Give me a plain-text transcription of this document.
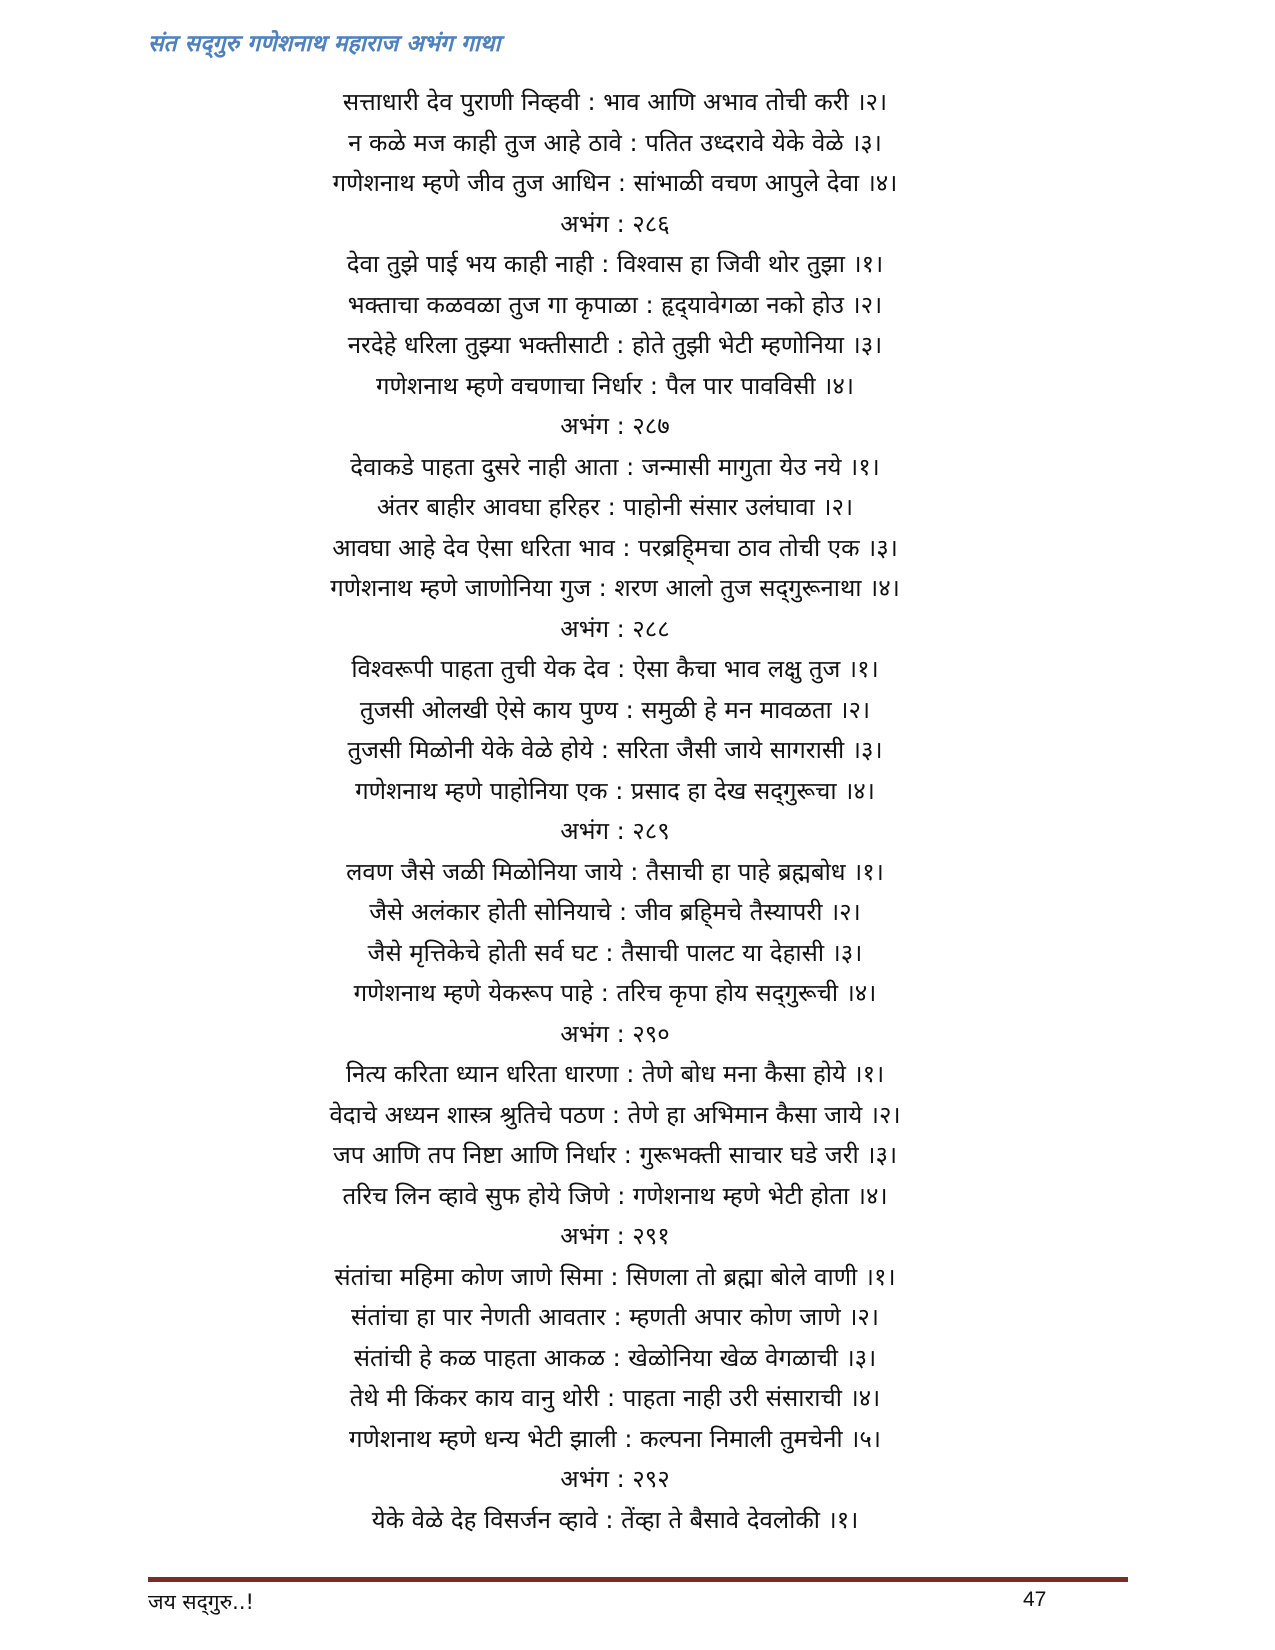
संत सद्‌गुरु गणेशनाथ महाराज अभंग गाथा
सत्ताधारी देव पुराणी निव्हवी : भाव आणि अभाव तोची करी ।२।
न कळे मज काही तुज आहे ठावे : पतित उध्दरावे येके वेळे ।३।
गणेशनाथ म्हणे जीव तुज आधिन : सांभाळी वचण आपुले देवा ।४।
अभंग : २८६
देवा तुझे पाई भय काही नाही : विश्वास हा जिवी थोर तुझा ।१।
भक्ताचा कळवळा तुज गा कृपाळा : हृद्‌यावेगळा नको होउ ।२।
नरदेहे धरिला तुझ्या भक्तीसाटी : होते तुझी भेटी म्हणोनिया ।३।
गणेशनाथ म्हणे वचणाचा निर्धार : पैल पार पावविसी ।४।
अभंग : २८७
देवाकडे पाहता दुसरे नाही आता : जन्मासी मागुता येउ नये ।१।
अंतर बाहीर आवघा हरिहर : पाहोनी संसार उलंघावा ।२।
आवघा आहे देव ऐसा धरिता भाव : परब्रहि्मचा ठाव तोची एक ।३।
गणेशनाथ म्हणे जाणोनिया गुज : शरण आलो तुज सद्‌गुरूनाथा ।४।
अभंग : २८८
विश्वरूपी पाहता तुची येक देव : ऐसा कैचा भाव लक्षु तुज ।१।
तुजसी ओलखी ऐसे काय पुण्य : समुळी हे मन मावळता ।२।
तुजसी मिळोनी येके वेळे होये : सरिता जैसी जाये सागरासी ।३।
गणेशनाथ म्हणे पाहोनिया एक : प्रसाद हा देख सद्‌गुरूचा ।४।
अभंग : २८९
लवण जैसे जळी मिळोनिया जाये : तैसाची हा पाहे ब्रह्मबोध ।१।
जैसे अलंकार होती सोनियाचे : जीव ब्रहि्मचे तैस्यापरी ।२।
जैसे मृत्तिकेचे होती सर्व घट : तैसाची पालट या देहासी ।३।
गणेशनाथ म्हणे येकरूप पाहे : तरिच कृपा होय सद्‌गुरूची ।४।
अभंग : २९०
नित्य करिता ध्यान धरिता धारणा : तेणे बोध मना कैसा होये ।१।
वेदाचे अध्यन शास्त्र श्रुतिचे पठण : तेणे हा अभिमान कैसा जाये ।२।
जप आणि तप निष्टा आणि निर्धार : गुरूभक्ती साचार घडे जरी ।३।
तरिच लिन व्हावे सुफ होये जिणे : गणेशनाथ म्हणे भेटी होता ।४।
अभंग : २९१
संतांचा महिमा कोण जाणे सिमा : सिणला तो ब्रह्मा बोले वाणी ।१।
संतांचा हा पार नेणती आवतार : म्हणती अपार कोण जाणे ।२।
संतांची हे कळ पाहता आकळ : खेळोनिया खेळ वेगळाची ।३।
तेथे मी किंकर काय वानु थोरी : पाहता नाही उरी संसाराची ।४।
गणेशनाथ म्हणे धन्य भेटी झाली : कल्पना निमाली तुमचेनी ।५।
अभंग : २९२
येके वेळे देह विसर्जन व्हावे : तेंव्हा ते बैसावे देवलोकी ।१।
जय सद्‌गुरु..!	47
